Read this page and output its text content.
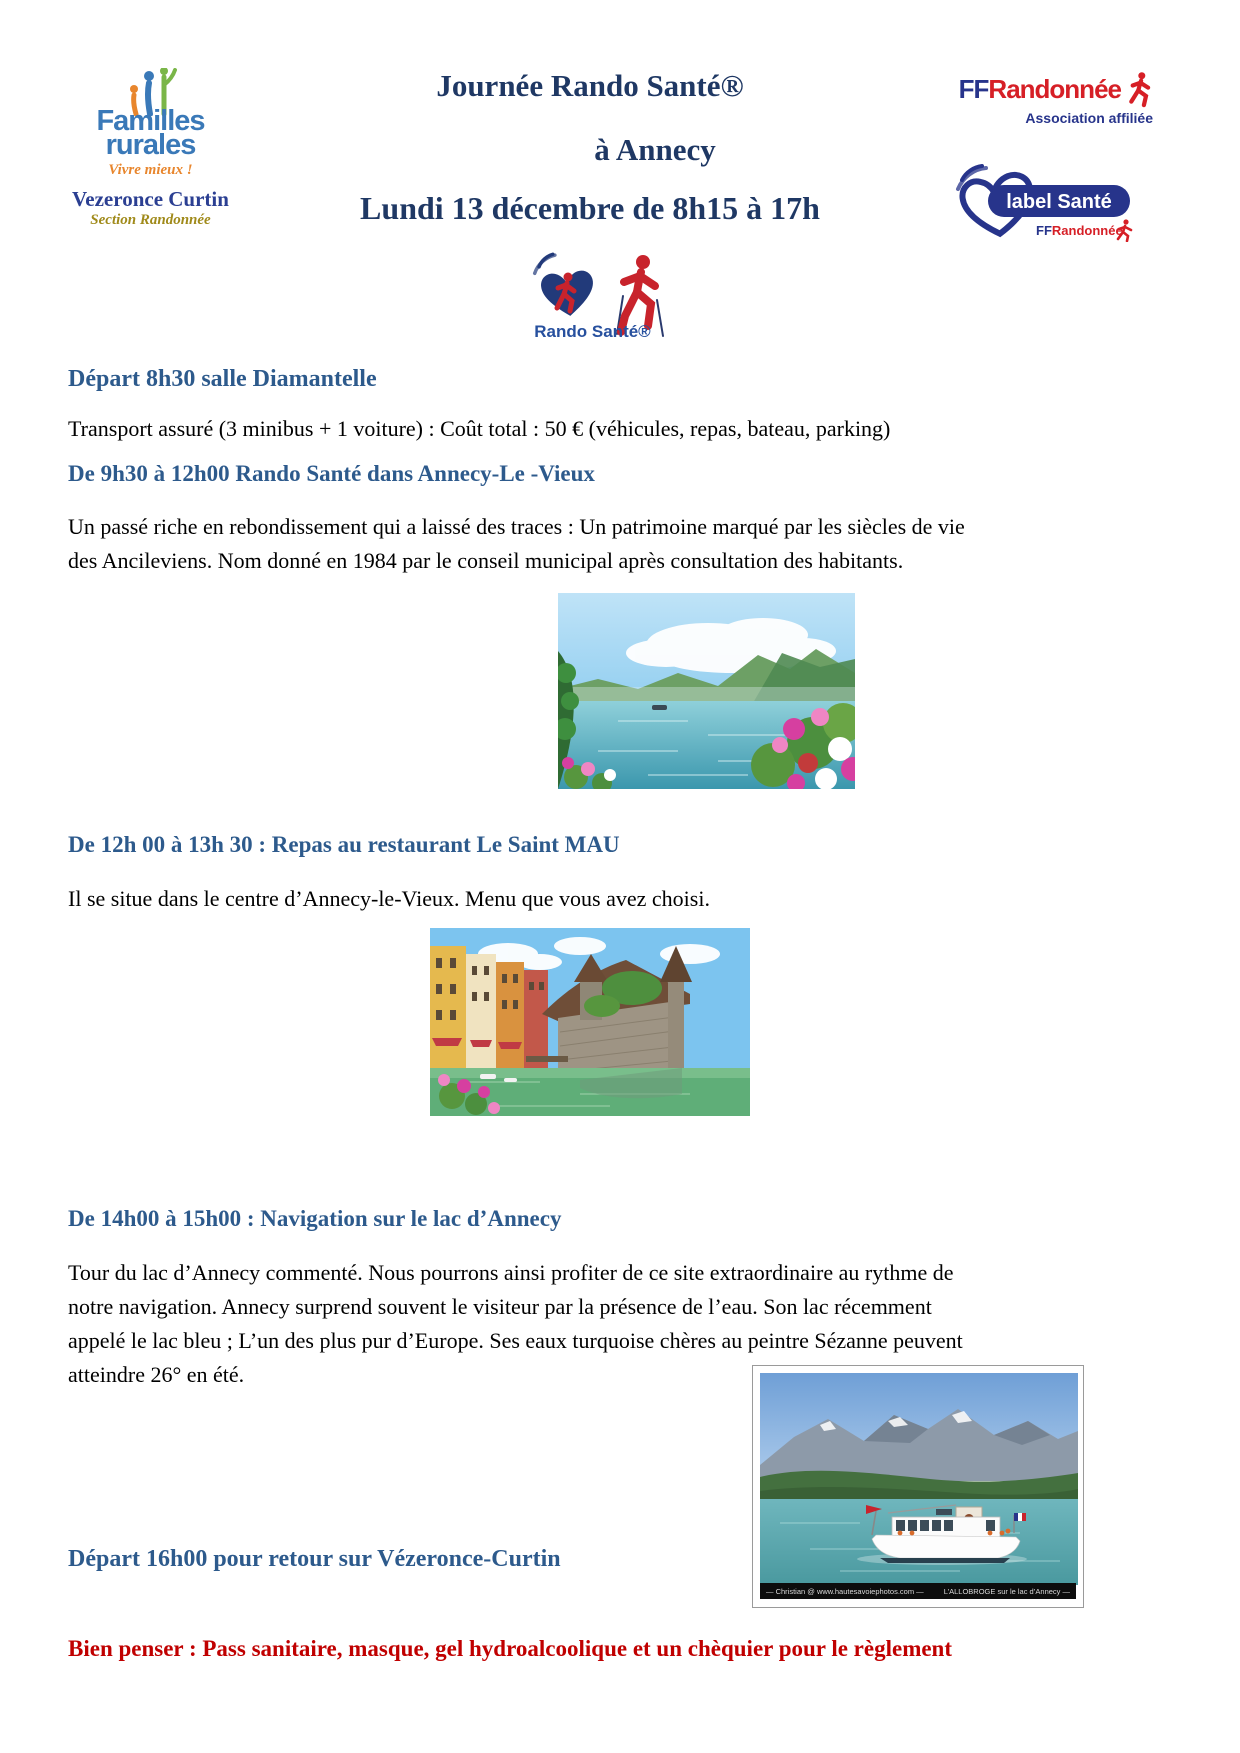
Familles
rurales
Vivre mieux !
Vezeronce Curtin
Section Randonnée
Journée Rando Santé®
à Annecy
Lundi 13 décembre de 8h15 à 17h
FFRandonnée
Association affiliée
label Santé
FFRandonnée
Rando Santé®
Départ 8h30 salle Diamantelle
Transport assuré (3 minibus + 1 voiture) : Coût total : 50 € (véhicules, repas, bateau, parking)
De 9h30 à 12h00 Rando Santé dans Annecy-Le -Vieux
Un passé riche en rebondissement qui a laissé des traces : Un patrimoine marqué par les siècles de vie
des Ancileviens. Nom donné en 1984 par le conseil municipal après consultation des habitants.
De 12h 00 à 13h 30 : Repas au restaurant Le Saint MAU
Il se situe dans le centre d’Annecy-le-Vieux. Menu que vous avez choisi.
De 14h00 à 15h00 : Navigation sur le lac d’Annecy
Tour du lac d’Annecy commenté. Nous pourrons ainsi profiter de ce site extraordinaire au rythme de
notre navigation. Annecy surprend souvent le visiteur par la présence de l’eau. Son lac récemment
appelé le lac bleu ; L’un des plus pur d’Europe. Ses eaux turquoise chères au peintre Sézanne peuvent
atteindre 26° en été.
Départ 16h00 pour retour sur Vézeronce-Curtin
Bien penser : Pass sanitaire, masque, gel hydroalcoolique et un chèquier pour le règlement
— Christian @ www.hautesavoiephotos.com —	L’ALLOBROGE sur le lac d’Annecy —
